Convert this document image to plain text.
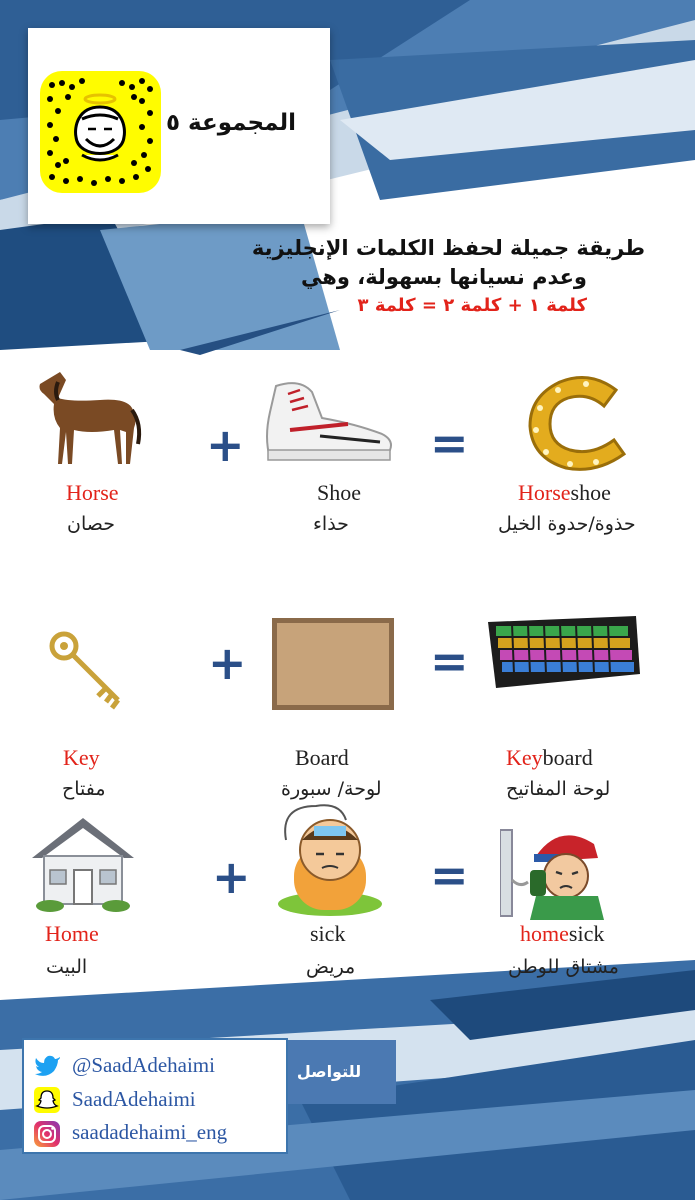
المجموعة ٥
طريقة جميلة لحفظ الكلمات الإنجليزية
وعدم نسيانها بسهولة، وهي
كلمة ١ + كلمة ٢ = كلمة ٣
+	=
Horse
حصان
Shoe
حذاء
Horseshoe
حذوة/حدوة الخيل
+	=
Key
مفتاح
Board
لوحة/ سبورة
Keyboard
لوحة المفاتيح
+	=
Home
البيت
sick
مريض
homesick
مشتاق للوطن
للتواصل
@SaadAdehaimi
SaadAdehaimi
saadadehaimi_eng
